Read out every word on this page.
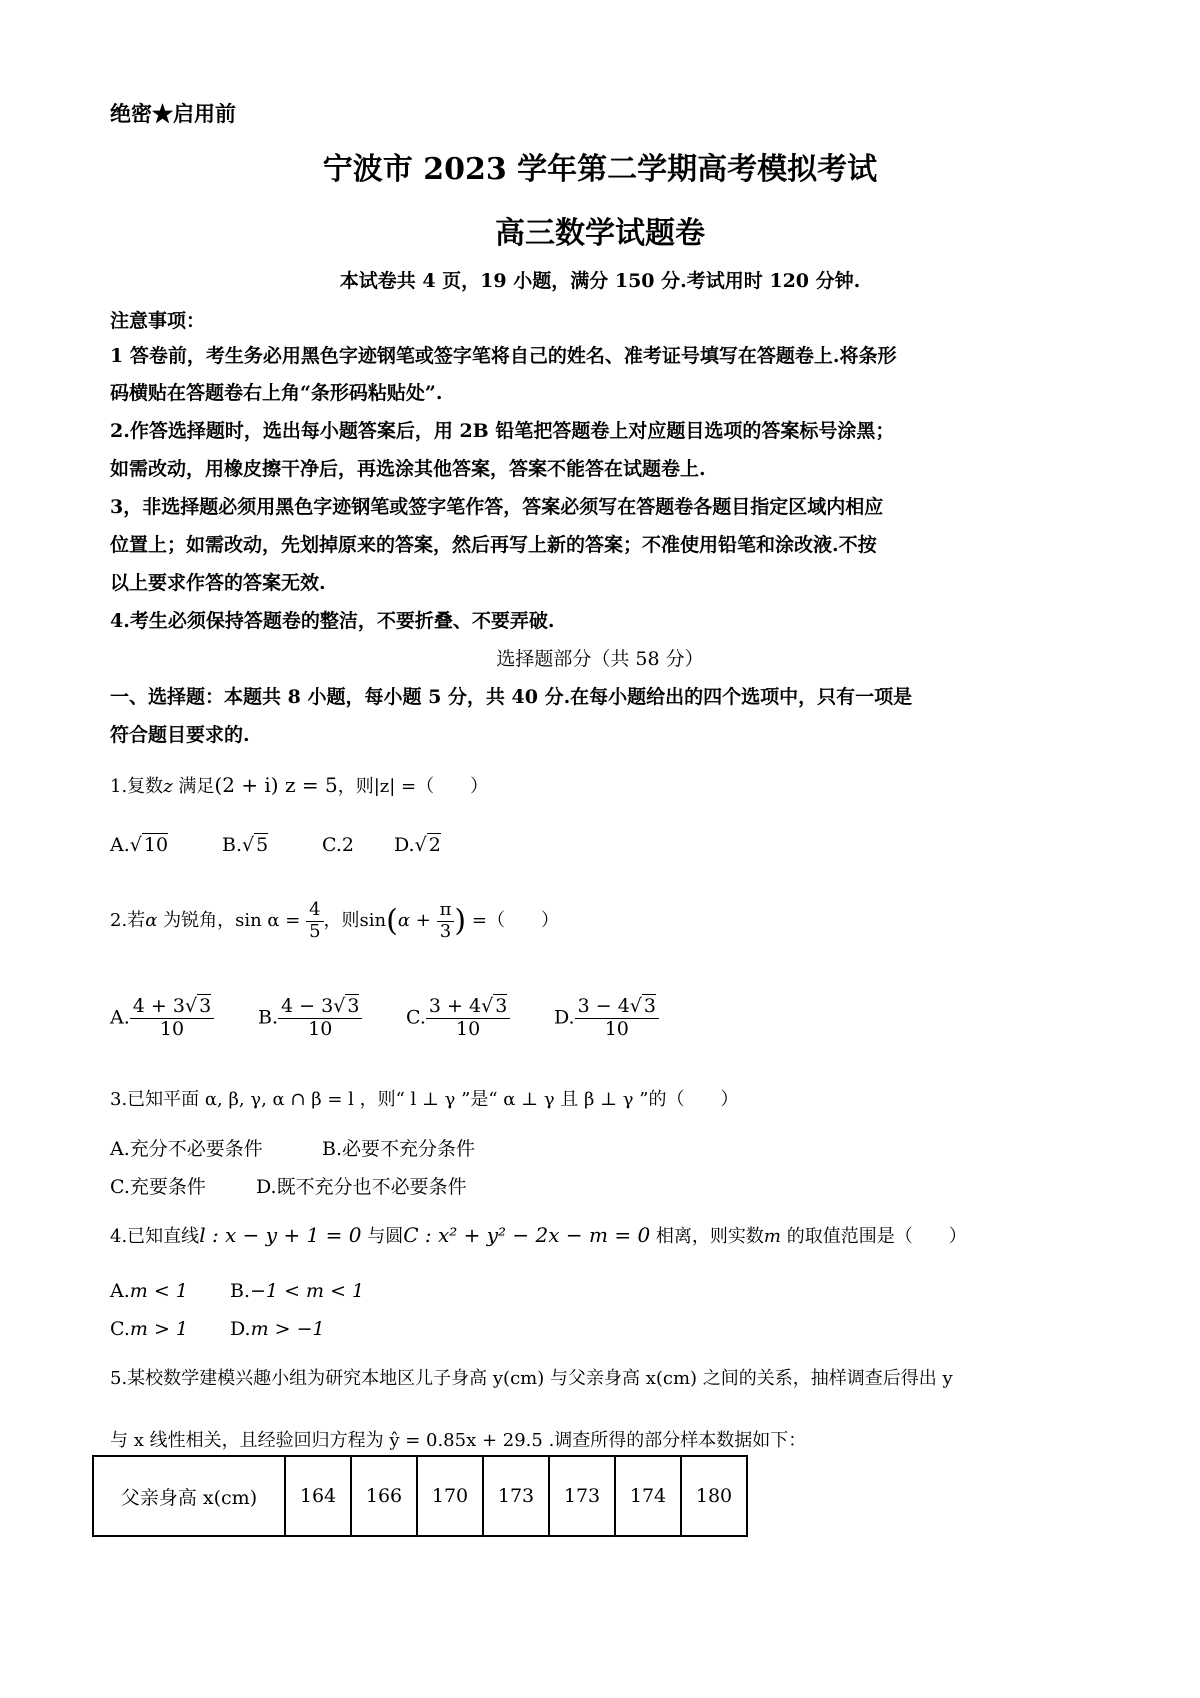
绝密★启用前
宁波市 2023 学年第二学期高考模拟考试
高三数学试题卷
本试卷共 4 页，19 小题，满分 150 分.考试用时 120 分钟.
注意事项：
1 答卷前，考生务必用黑色字迹钢笔或签字笔将自己的姓名、准考证号填写在答题卷上.将条形
码横贴在答题卷右上角“条形码粘贴处”.
2.作答选择题时，选出每小题答案后，用 2B 铅笔把答题卷上对应题目选项的答案标号涂黑；
如需改动，用橡皮擦干净后，再选涂其他答案，答案不能答在试题卷上.
3，非选择题必须用黑色字迹钢笔或签字笔作答，答案必须写在答题卷各题目指定区域内相应
位置上；如需改动，先划掉原来的答案，然后再写上新的答案；不准使用铅笔和涂改液.不按
以上要求作答的答案无效.
4.考生必须保持答题卷的整洁，不要折叠、不要弄破.
选择题部分（共 58 分）
一、选择题：本题共 8 小题，每小题 5 分，共 40 分.在每小题给出的四个选项中，只有一项是
符合题目要求的.
1.复数z 满足(2 + i) z = 5，则|z| =（　　）
A.√ 10	B.√ 5	C.2 D.√ 2
2.若α 为锐角，$\sin \alpha = \frac{4}{5}$ ，则$\sin(\alpha + \frac{\pi}{3}$ ) =（　　）
A. $\frac{4 + 3√ 3}{10} B$. $\frac{4 - 3√ 3}{10} C$. $\frac{3 + 4√ 3}{10} D$. $\frac{3 - 4√ 3}{10}$
3.已知平面 α, β, γ, α ∩ β = l ，则“ l ⊥ γ ”是“ α ⊥ γ 且 β ⊥ γ ”的（　　）
A.充分不必要条件	B.必要不充分条件
C.充要条件	D.既不充分也不必要条件
4.已知直线l : x − y + 1 = 0 与圆C : x² + y² − 2x − m = 0 相离，则实数m 的取值范围是（　　）
A.m < 1 B.−1 < m < 1
C.m > 1 D.m > −1
5.某校数学建模兴趣小组为研究本地区儿子身高 y(cm) 与父亲身高 x(cm) 之间的关系，抽样调查后得出 y
与 x 线性相关，且经验回归方程为 ŷ = 0.85x + 29.5 .调查所得的部分样本数据如下：
父亲身高 x(cm)	164	166	170	173	173	174	180
